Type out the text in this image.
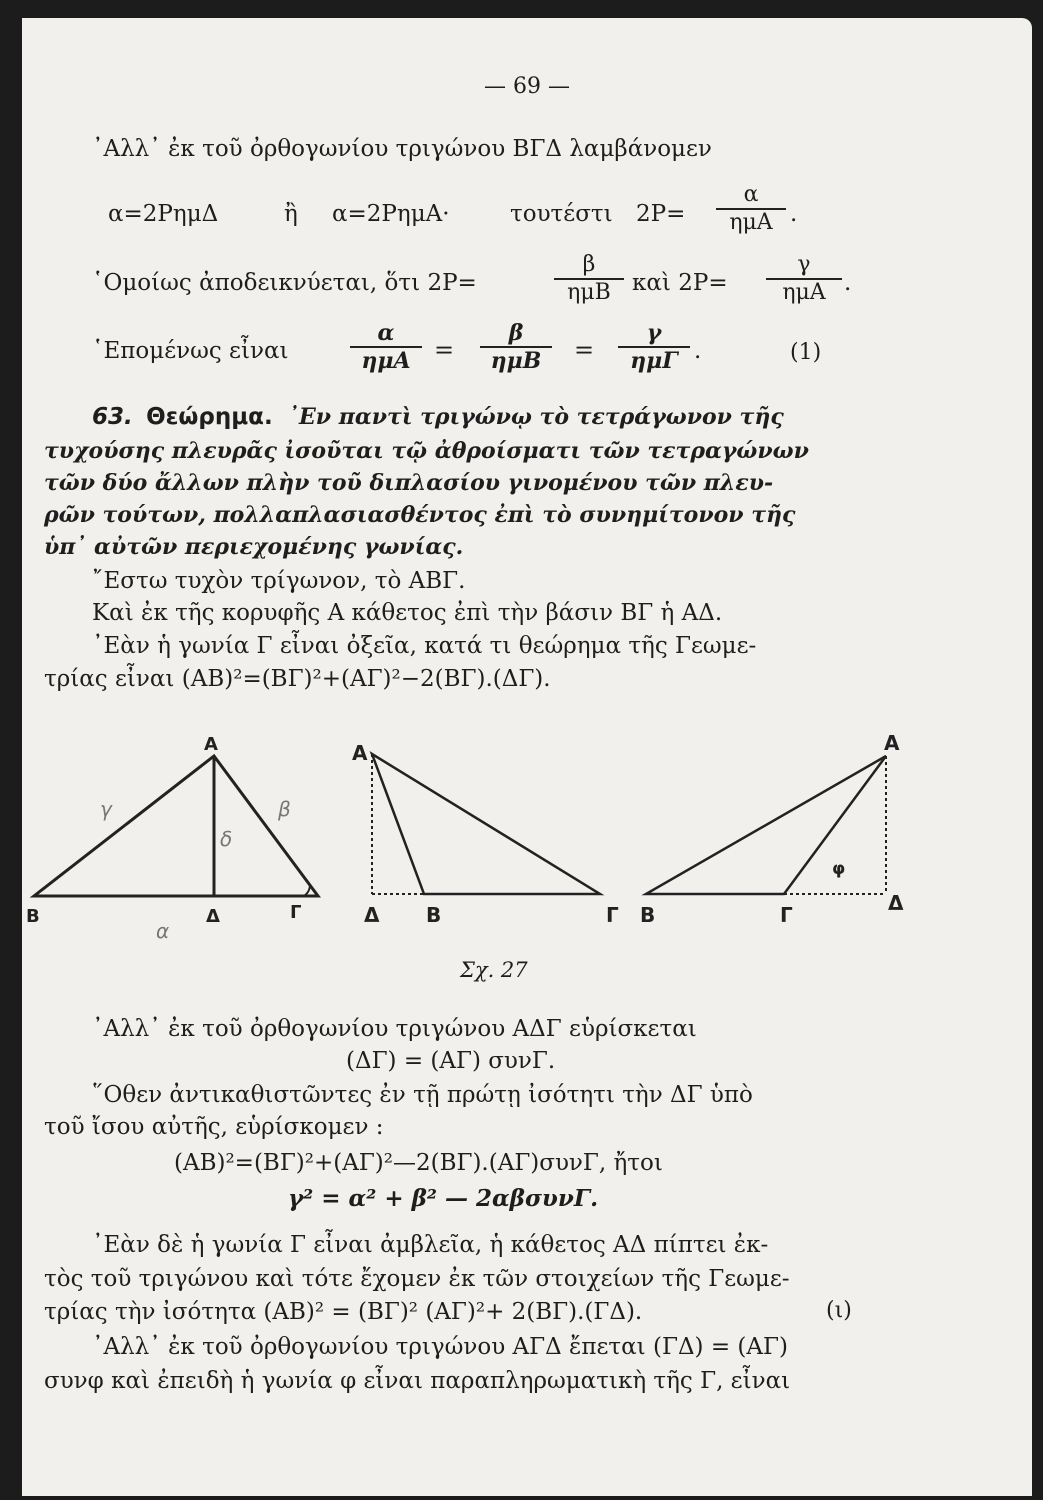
— 69 —
᾿Αλλ᾿ ἐκ τοῦ ὀρθογωνίου τριγώνου ΒΓΔ λαμβάνομεν
α=2ΡημΔ	ἢ α=2ΡημΑ·	τουτέστι 2Ρ=
α
ημΑ .
῾Ομοίως ἀποδεικνύεται, ὅτι 2Ρ=
β
ημΒ καὶ 2Ρ=
γ
ημΑ .
῾Επομένως εἶναι
α
ημΑ =
β
ημΒ	=
γ
ημΓ .	(1)
63. Θεώρημα. ᾿Εν παντὶ τριγώνῳ τὸ τετράγωνον τῆς
τυχούσης πλευρᾶς ἰσοῦται τῷ ἀθροίσματι τῶν τετραγώνων
τῶν δύο ἄλλων πλὴν τοῦ διπλασίου γινομένου τῶν πλευ-
ρῶν τούτων, πολλαπλασιασθέντος ἐπὶ τὸ συνημίτονον τῆς
ὑπ᾿ αὐτῶν περιεχομένης γωνίας.
῎Εστω τυχὸν τρίγωνον, τὸ ΑΒΓ.
Καὶ ἐκ τῆς κορυφῆς Α κάθετος ἐπὶ τὴν βάσιν ΒΓ ἡ ΑΔ.
᾿Εὰν ἡ γωνία Γ εἶναι ὀξεῖα, κατά τι θεώρημα τῆς Γεωμε-
τρίας εἶναι (ΑΒ)²=(ΒΓ)²+(ΑΓ)²−2(ΒΓ).(ΔΓ).
A
B	Δ	Γ
γ	β
δ
α
A
Δ B	Γ
A
B	Γ	Δ
φ
Σχ. 27
᾿Αλλ᾿ ἐκ τοῦ ὀρθογωνίου τριγώνου ΑΔΓ εὑρίσκεται
(ΔΓ) = (ΑΓ) συνΓ.
῞Οθεν ἀντικαθιστῶντες ἐν τῇ πρώτῃ ἰσότητι τὴν ΔΓ ὑπὸ
τοῦ ἴσου αὐτῆς, εὑρίσκομεν :
(ΑΒ)²=(ΒΓ)²+(ΑΓ)²—2(ΒΓ).(ΑΓ)συνΓ, ἤτοι
γ² = α² + β² — 2αβσυνΓ.
᾿Εὰν δὲ ἡ γωνία Γ εἶναι ἀμβλεῖα, ἡ κάθετος ΑΔ πίπτει ἐκ-
τὸς τοῦ τριγώνου καὶ τότε ἔχομεν ἐκ τῶν στοιχείων τῆς Γεωμε-
τρίας τὴν ἰσότητα (ΑΒ)² = (ΒΓ)² (ΑΓ)²+ 2(ΒΓ).(ΓΔ).	(ι)
᾿Αλλ᾿ ἐκ τοῦ ὀρθογωνίου τριγώνου ΑΓΔ ἔπεται (ΓΔ) = (ΑΓ)
συνφ καὶ ἐπειδὴ ἡ γωνία φ εἶναι παραπληρωματικὴ τῆς Γ, εἶναι
